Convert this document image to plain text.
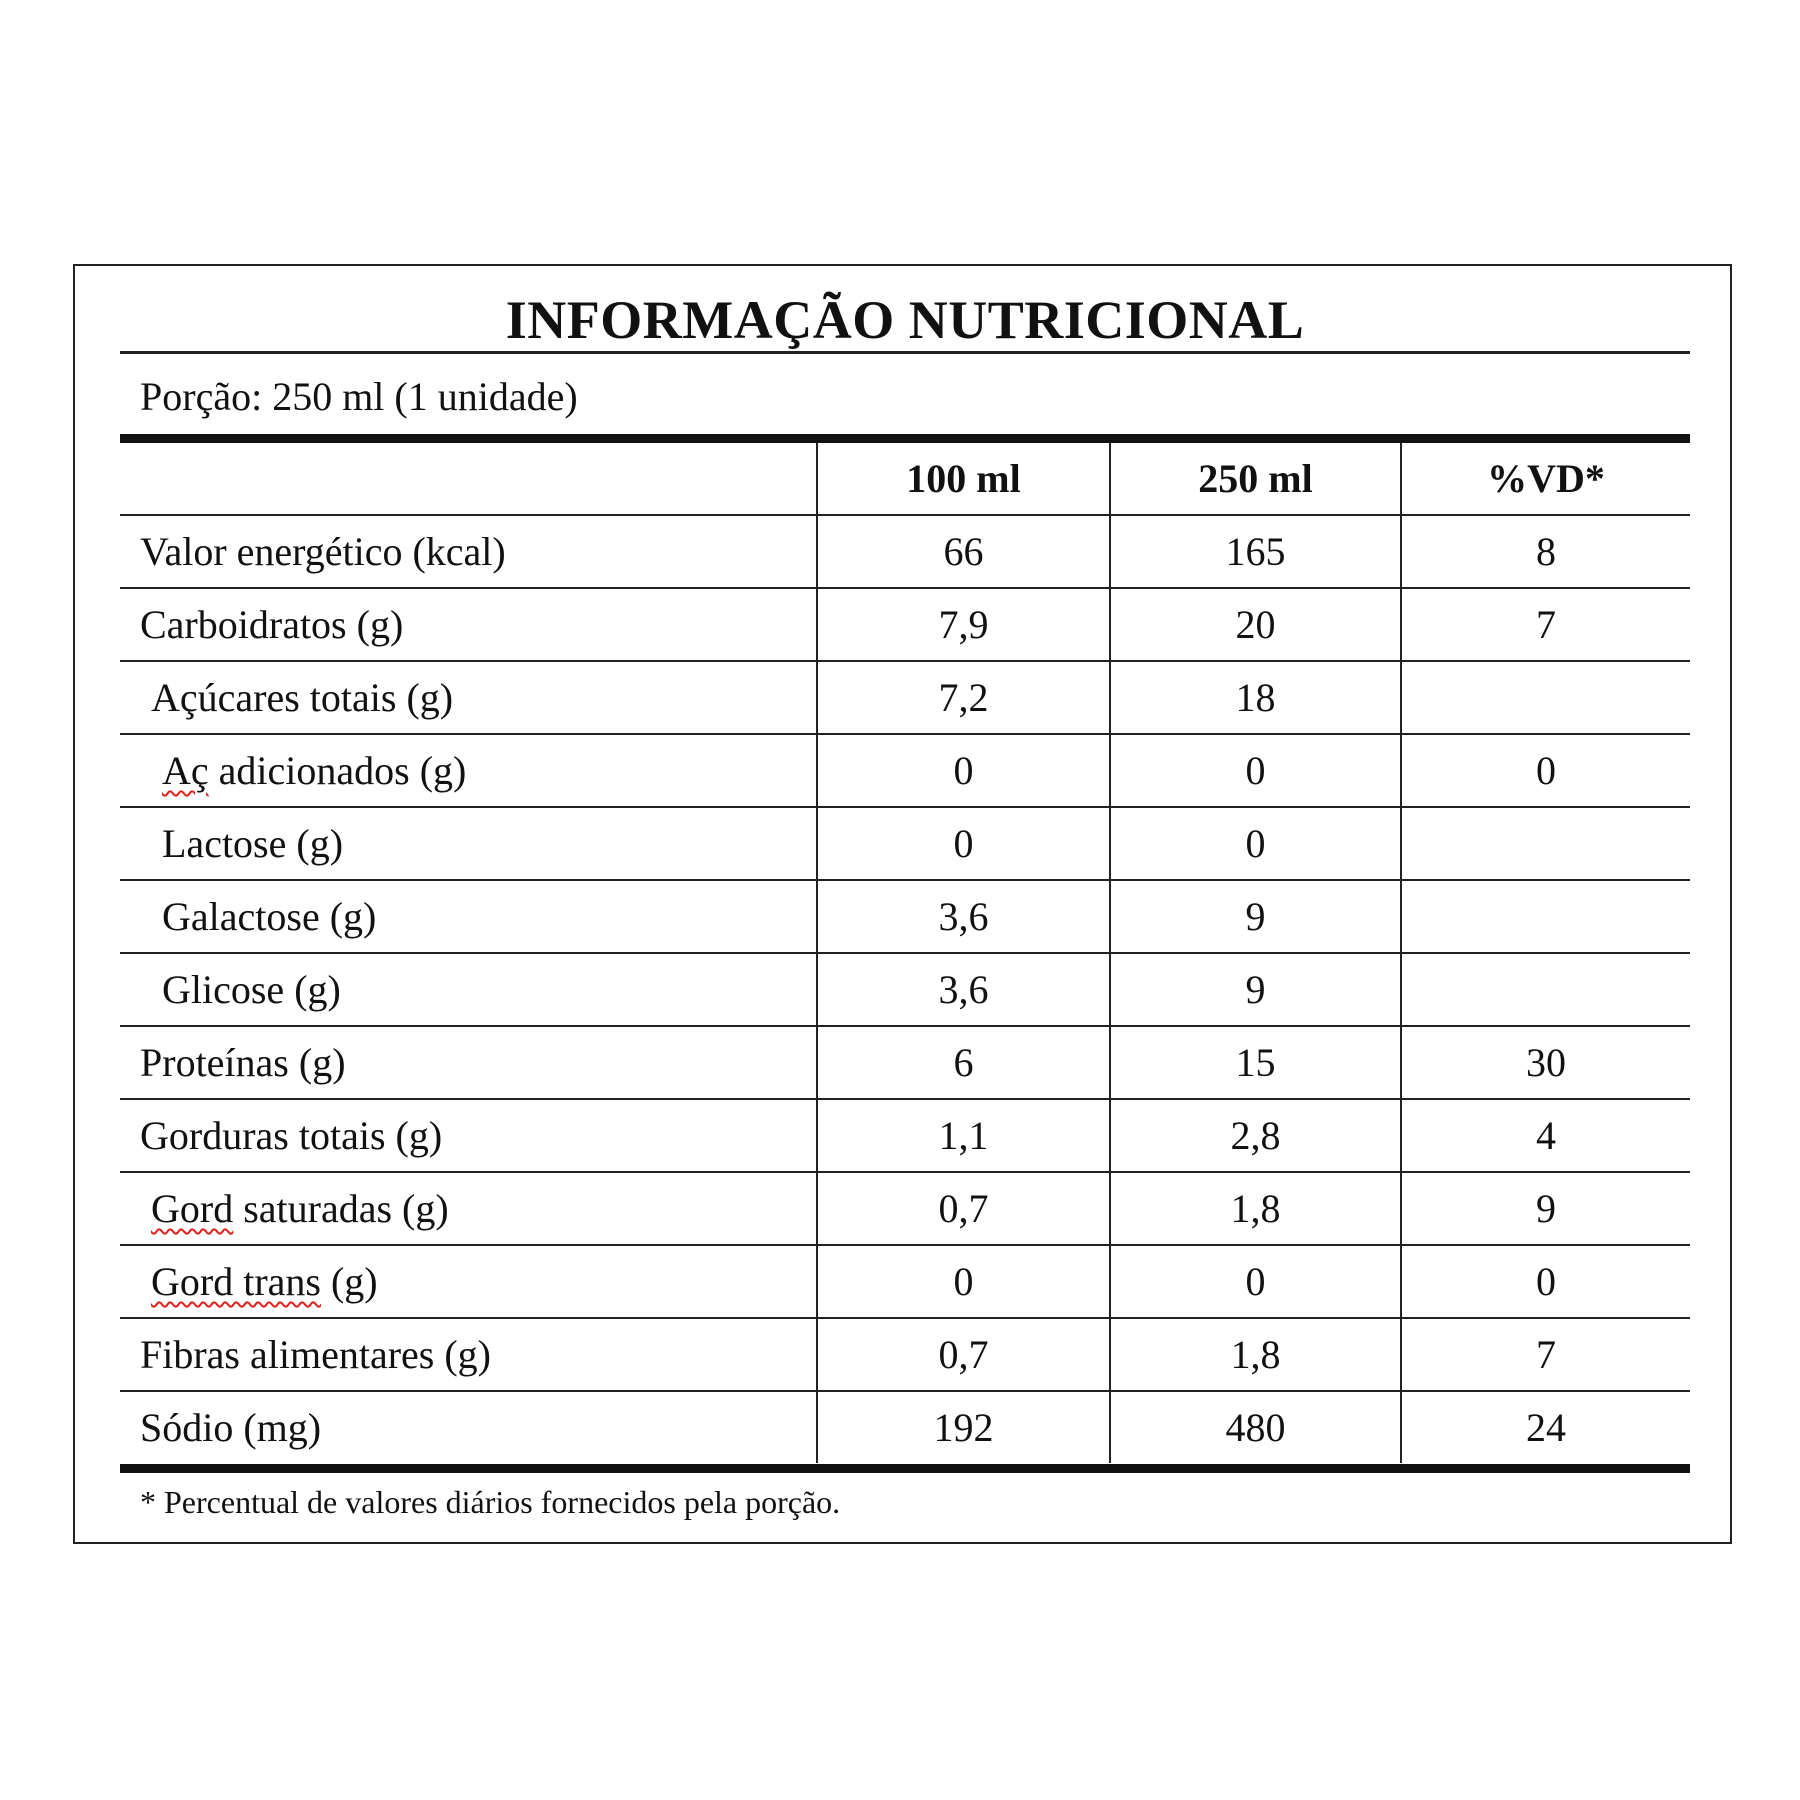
INFORMAÇÃO NUTRICIONAL
Porção: 250 ml (1 unidade)
	100 ml	250 ml	%VD*
Valor energético (kcal)	66	165	8
Carboidratos (g)	7,9	20	7
Açúcares totais (g)	7,2	18	
Aç adicionados (g)	0	0	0
Lactose (g)	0	0	
Galactose (g)	3,6	9	
Glicose (g)	3,6	9	
Proteínas (g)	6	15	30
Gorduras totais (g)	1,1	2,8	4
Gord saturadas (g)	0,7	1,8	9
Gord trans (g)	0	0	0
Fibras alimentares (g)	0,7	1,8	7
Sódio (mg)	192	480	24
* Percentual de valores diários fornecidos pela porção.
